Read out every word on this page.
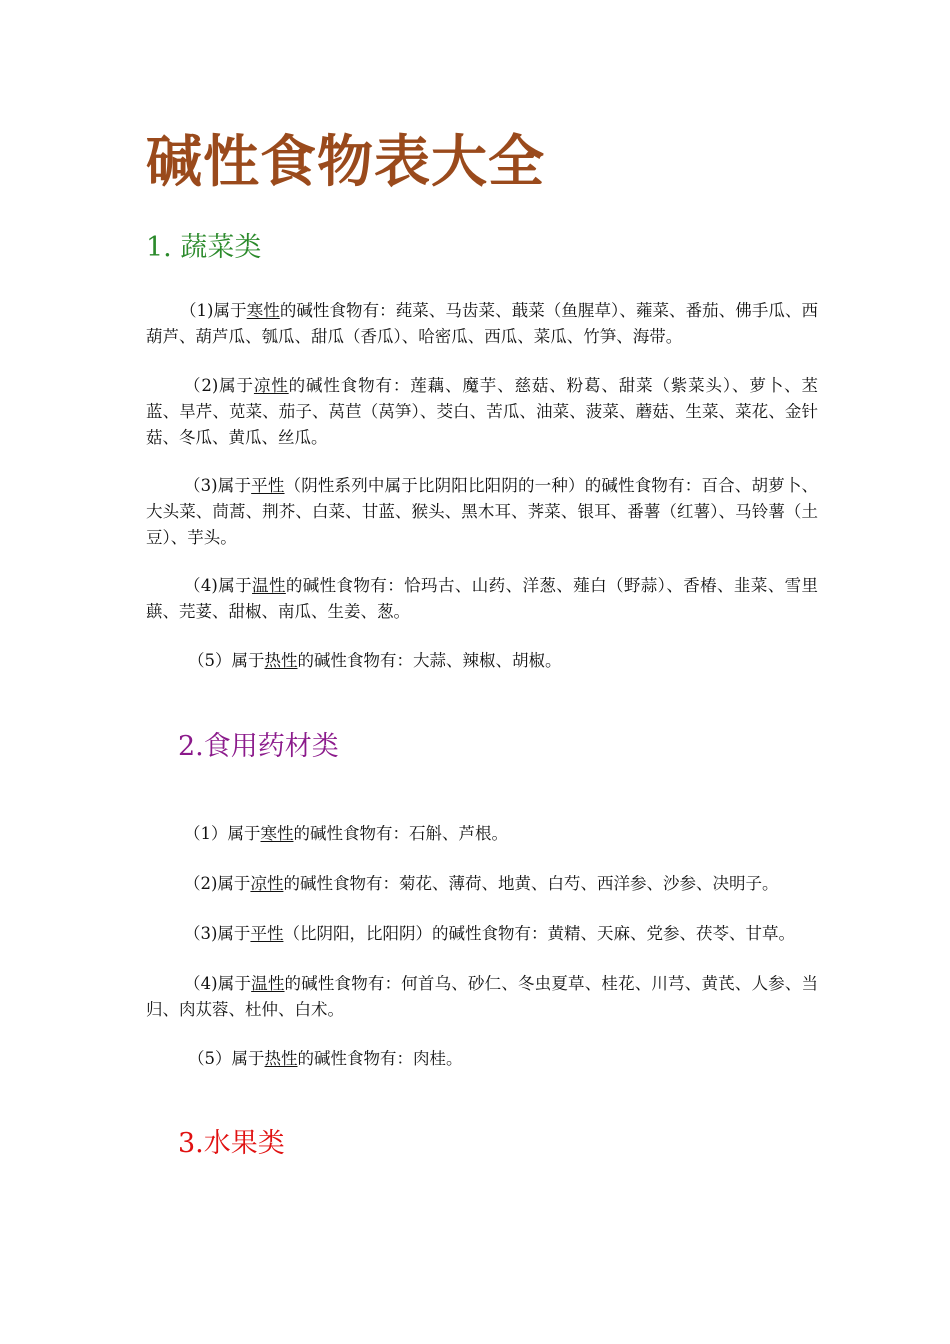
碱性食物表大全
1. 蔬菜类

（1)属于寒性的碱性食物有：莼菜、马齿菜、蕺菜（鱼腥草）、蕹菜、番茄、佛手瓜、西葫芦、葫芦瓜、瓠瓜、甜瓜（香瓜）、哈密瓜、西瓜、菜瓜、竹笋、海带。

（2)属于凉性的碱性食物有：莲藕、魔芋、慈菇、粉葛、甜菜（紫菜头）、萝卜、苤蓝、旱芹、苋菜、茄子、莴苣（莴笋）、茭白、苦瓜、油菜、菠菜、蘑菇、生菜、菜花、金针菇、冬瓜、黄瓜、丝瓜。

（3)属于平性（阴性系列中属于比阴阳比阳阴的一种）的碱性食物有：百合、胡萝卜、大头菜、茼蒿、荆芥、白菜、甘蓝、猴头、黑木耳、荠菜、银耳、番薯（红薯）、马铃薯（土豆）、芋头。

（4)属于温性的碱性食物有：恰玛古、山药、洋葱、薤白（野蒜）、香椿、韭菜、雪里蕻、芫荽、甜椒、南瓜、生姜、葱。

（5）属于热性的碱性食物有：大蒜、辣椒、胡椒。

2.食用药材类

（1）属于寒性的碱性食物有：石斛、芦根。

（2)属于凉性的碱性食物有：菊花、薄荷、地黄、白芍、西洋参、沙参、决明子。

（3)属于平性（比阴阳，比阳阴）的碱性食物有：黄精、天麻、党参、茯苓、甘草。

（4)属于温性的碱性食物有：何首乌、砂仁、冬虫夏草、桂花、川芎、黄芪、人参、当归、肉苁蓉、杜仲、白术。

（5）属于热性的碱性食物有：肉桂。

3.水果类
